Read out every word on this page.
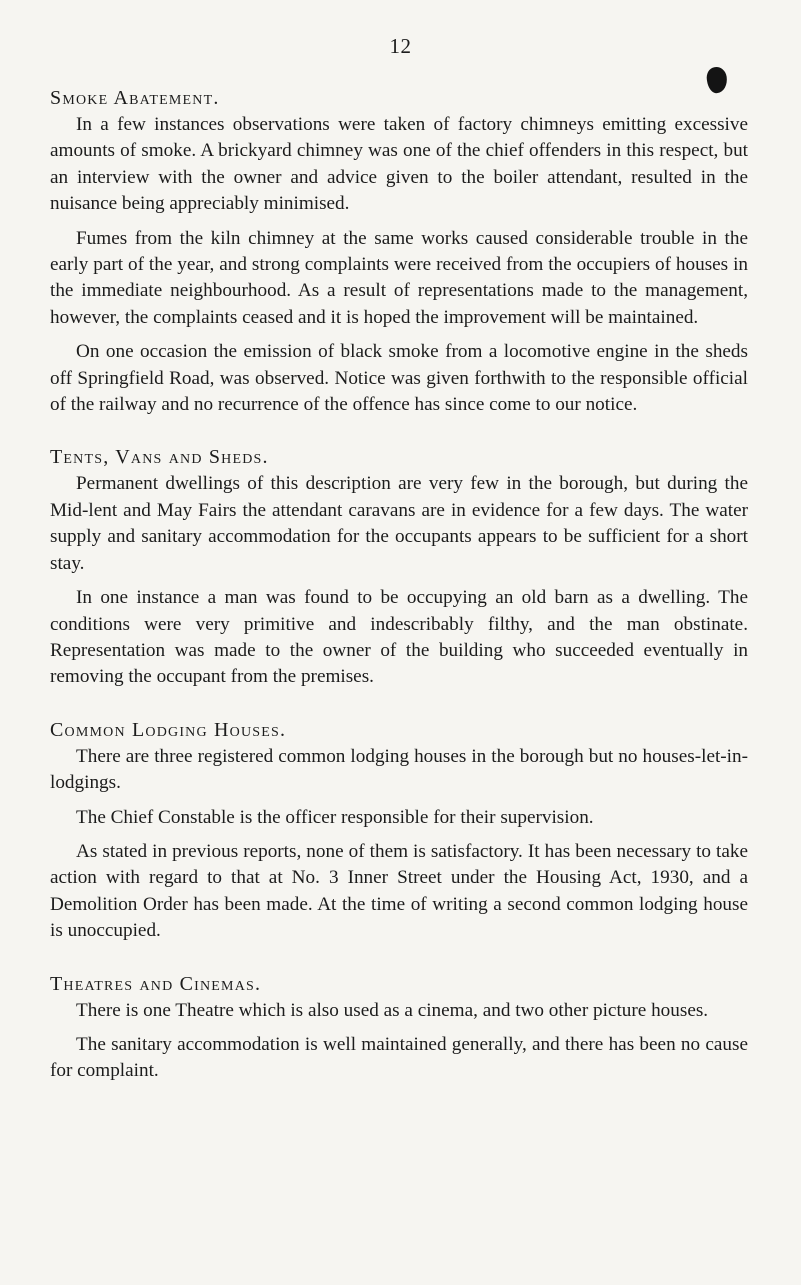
12
Smoke Abatement.

In a few instances observations were taken of factory chimneys emitting excessive amounts of smoke. A brickyard chimney was one of the chief offenders in this respect, but an interview with the owner and advice given to the boiler attendant, resulted in the nuisance being appreciably minimised.

Fumes from the kiln chimney at the same works caused considerable trouble in the early part of the year, and strong complaints were received from the occupiers of houses in the immediate neighbourhood. As a result of representations made to the management, however, the complaints ceased and it is hoped the improvement will be maintained.

On one occasion the emission of black smoke from a locomotive engine in the sheds off Springfield Road, was observed. Notice was given forthwith to the responsible official of the railway and no recurrence of the offence has since come to our notice.

Tents, Vans and Sheds.

Permanent dwellings of this description are very few in the borough, but during the Mid-lent and May Fairs the attendant caravans are in evidence for a few days. The water supply and sanitary accommodation for the occupants appears to be sufficient for a short stay.

In one instance a man was found to be occupying an old barn as a dwelling. The conditions were very primitive and indescribably filthy, and the man obstinate. Representation was made to the owner of the building who succeeded eventually in removing the occupant from the premises.

Common Lodging Houses.

There are three registered common lodging houses in the borough but no houses-let-in-lodgings.

The Chief Constable is the officer responsible for their supervision.

As stated in previous reports, none of them is satisfactory. It has been necessary to take action with regard to that at No. 3 Inner Street under the Housing Act, 1930, and a Demolition Order has been made. At the time of writing a second common lodging house is unoccupied.

Theatres and Cinemas.

There is one Theatre which is also used as a cinema, and two other picture houses.

The sanitary accommodation is well maintained generally, and there has been no cause for complaint.
